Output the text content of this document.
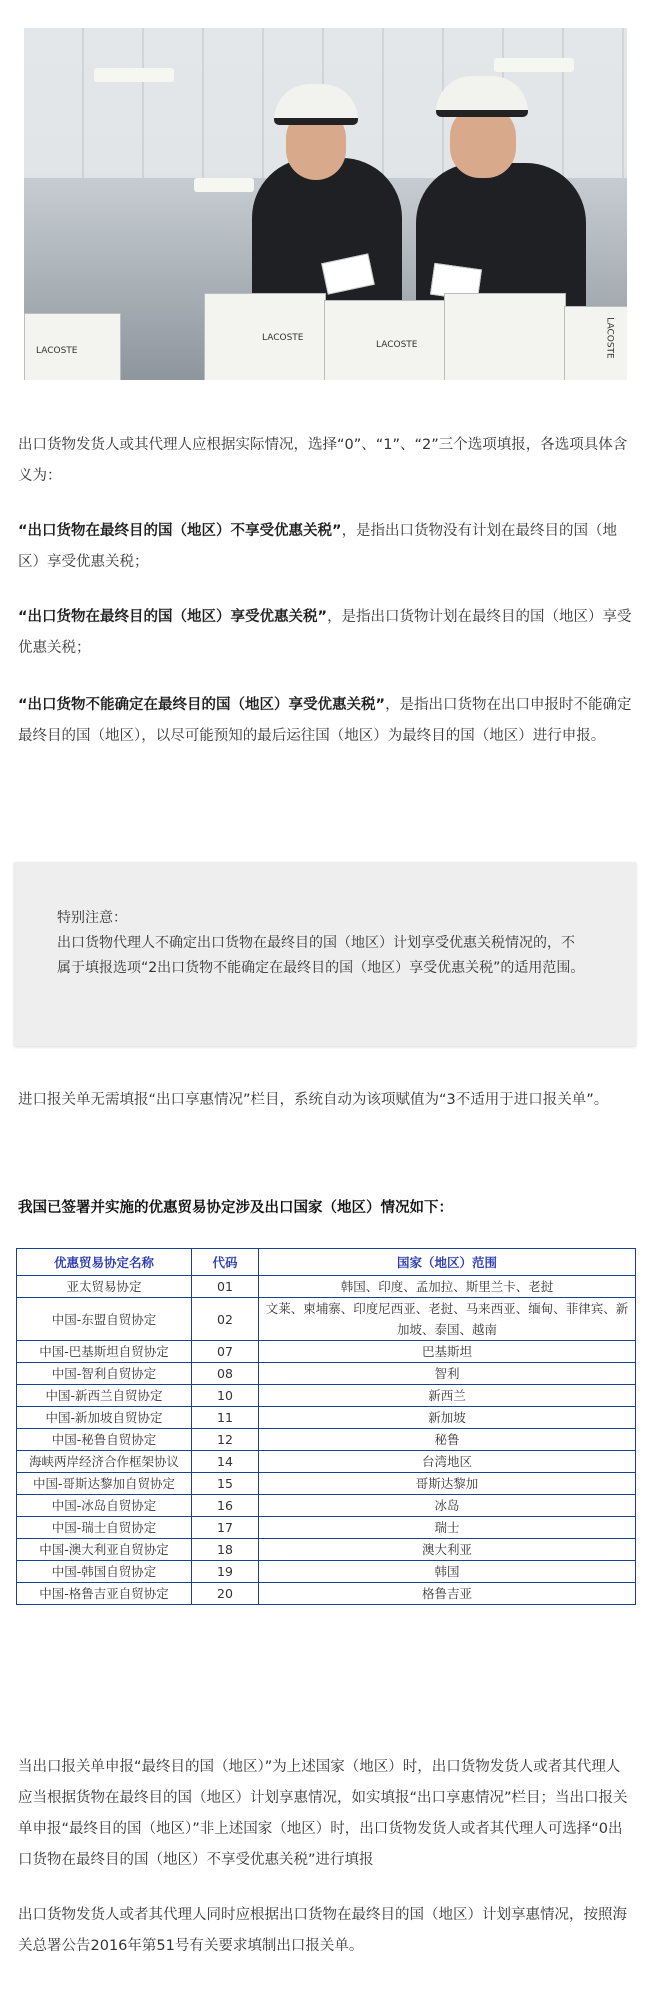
LACOSTE
LACOSTE
LACOSTE	LACOSTE

出口货物发货人或其代理人应根据实际情况，选择“0”、“1”、“2”三个选项填报，各选项具体含义为：

“出口货物在最终目的国（地区）不享受优惠关税”，是指出口货物没有计划在最终目的国（地区）享受优惠关税；

“出口货物在最终目的国（地区）享受优惠关税”，是指出口货物计划在最终目的国（地区）享受优惠关税；

“出口货物不能确定在最终目的国（地区）享受优惠关税”，是指出口货物在出口申报时不能确定最终目的国（地区），以尽可能预知的最后运往国（地区）为最终目的国（地区）进行申报。

特别注意：
出口货物代理人不确定出口货物在最终目的国（地区）计划享受优惠关税情况的，不属于填报选项“2出口货物不能确定在最终目的国（地区）享受优惠关税”的适用范围。

进口报关单无需填报“出口享惠情况”栏目，系统自动为该项赋值为“3不适用于进口报关单”。

我国已签署并实施的优惠贸易协定涉及出口国家（地区）情况如下：

优惠贸易协定名称	代码	国家（地区）范围
亚太贸易协定	01	韩国、印度、孟加拉、斯里兰卡、老挝
中国-东盟自贸协定	02	文莱、柬埔寨、印度尼西亚、老挝、马来西亚、缅甸、菲律宾、新加坡、泰国、越南
中国-巴基斯坦自贸协定	07	巴基斯坦
中国-智利自贸协定	08	智利
中国-新西兰自贸协定	10	新西兰
中国-新加坡自贸协定	11	新加坡
中国-秘鲁自贸协定	12	秘鲁
海峡两岸经济合作框架协议	14	台湾地区
中国-哥斯达黎加自贸协定	15	哥斯达黎加
中国-冰岛自贸协定	16	冰岛
中国-瑞士自贸协定	17	瑞士
中国-澳大利亚自贸协定	18	澳大利亚
中国-韩国自贸协定	19	韩国
中国-格鲁吉亚自贸协定	20	格鲁吉亚

当出口报关单申报“最终目的国（地区）”为上述国家（地区）时，出口货物发货人或者其代理人应当根据货物在最终目的国（地区）计划享惠情况，如实填报“出口享惠情况”栏目；当出口报关单申报“最终目的国（地区）”非上述国家（地区）时，出口货物发货人或者其代理人可选择“0出口货物在最终目的国（地区）不享受优惠关税”进行填报

出口货物发货人或者其代理人同时应根据出口货物在最终目的国（地区）计划享惠情况，按照海关总署公告2016年第51号有关要求填制出口报关单。
